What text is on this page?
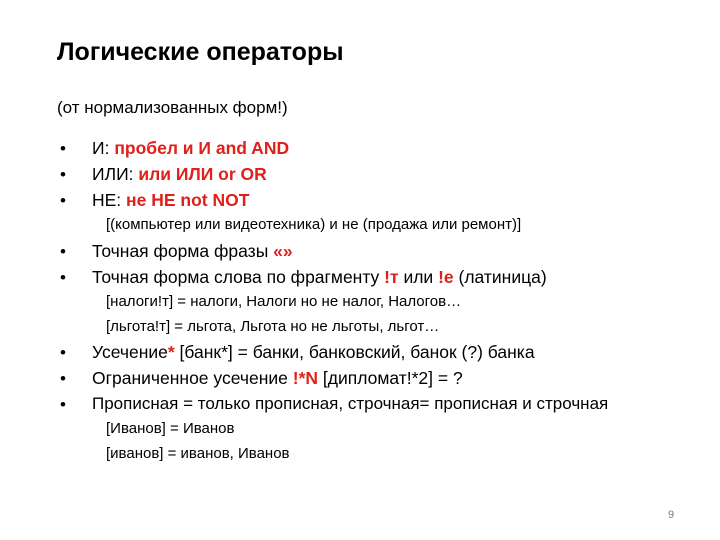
Логические операторы
(от нормализованных форм!)
• И: пробел и И and AND
• ИЛИ: или ИЛИ or OR
• НЕ: не НЕ not NOT
[(компьютер или видеотехника) и не (продажа или ремонт)]
• Точная форма фразы «»
• Точная форма слова по фрагменту !т или !е (латиница)
[налоги!т] = налоги, Налоги но не налог, Налогов…
[льгота!т] = льгота, Льгота но не льготы, льгот…
• Усечение* [банк*] = банки, банковский, банок (?) банка
• Ограниченное усечение !*N [дипломат!*2] = ?
• Прописная = только прописная, строчная= прописная и строчная
[Иванов] = Иванов
[иванов] = иванов, Иванов
9
